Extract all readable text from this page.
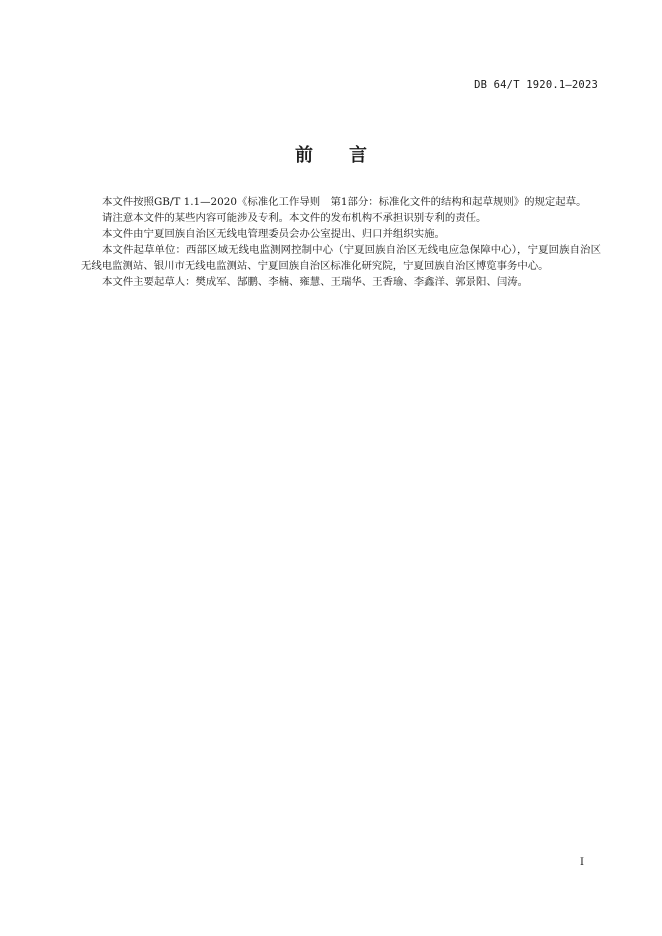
DB 64/T 1920.1—2023
前　　言

本文件按照GB/T 1.1—2020《标准化工作导则　第1部分：标准化文件的结构和起草规则》的规定起草。

请注意本文件的某些内容可能涉及专利。本文件的发布机构不承担识别专利的责任。

本文件由宁夏回族自治区无线电管理委员会办公室提出、归口并组织实施。

本文件起草单位：西部区域无线电监测网控制中心（宁夏回族自治区无线电应急保障中心），宁夏回族自治区无线电监测站、银川市无线电监测站、宁夏回族自治区标准化研究院，宁夏回族自治区博览事务中心。

本文件主要起草人：樊成军、郜鹏、李楠、雍慧、王瑞华、王香瑜、李鑫洋、郭景阳、闫涛。

I
